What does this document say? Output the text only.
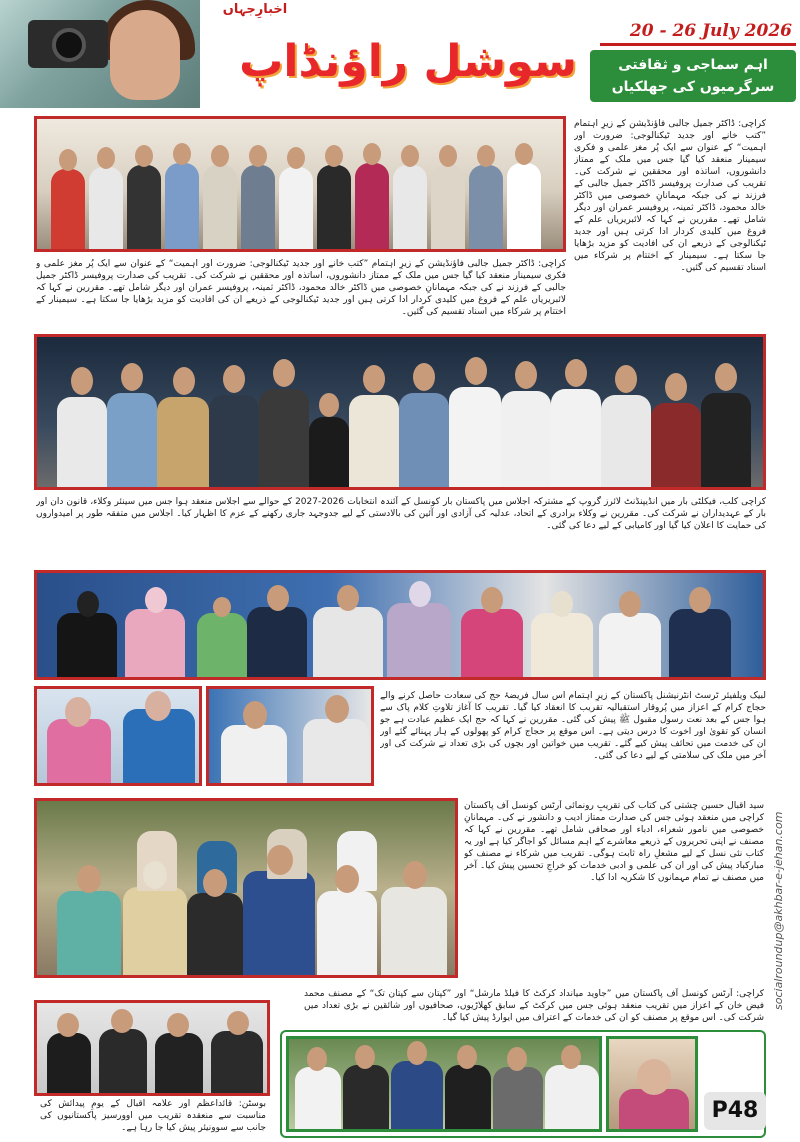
اخبارِجہاں
سوشل راؤنڈاپ
20 - 26 July 2026
اہم سماجی و ثقافتی
سرگرمیوں کی جھلکیاں
کراچی: ڈاکٹر جمیل جالبی فاؤنڈیشن کے زیرِ اہتمام ”کتب خانے اور جدید ٹیکنالوجی: ضرورت اور اہمیت“ کے عنوان سے ایک پُر مغز علمی و فکری سیمینار منعقد کیا گیا جس میں ملک کے ممتاز دانشوروں، اساتذہ اور محققین نے شرکت کی۔ تقریب کی صدارت پروفیسر ڈاکٹر جمیل جالبی کے فرزند نے کی جبکہ مہمانانِ خصوصی میں ڈاکٹر خالد محمود، ڈاکٹر ثمینہ، پروفیسر عمران اور دیگر شامل تھے۔ مقررین نے کہا کہ لائبریریاں علم کے فروغ میں کلیدی کردار ادا کرتی ہیں اور جدید ٹیکنالوجی کے ذریعے ان کی افادیت کو مزید بڑھایا جا سکتا ہے۔ سیمینار کے اختتام پر شرکاء میں اسناد تقسیم کی گئیں۔
کراچی: ڈاکٹر جمیل جالبی فاؤنڈیشن کے زیرِ اہتمام ”کتب خانے اور جدید ٹیکنالوجی: ضرورت اور اہمیت“ کے عنوان سے ایک پُر مغز علمی و فکری سیمینار منعقد کیا گیا جس میں ملک کے ممتاز دانشوروں، اساتذہ اور محققین نے شرکت کی۔ تقریب کی صدارت پروفیسر ڈاکٹر جمیل جالبی کے فرزند نے کی جبکہ مہمانانِ خصوصی میں ڈاکٹر خالد محمود، ڈاکٹر ثمینہ، پروفیسر عمران اور دیگر شامل تھے۔ مقررین نے کہا کہ لائبریریاں علم کے فروغ میں کلیدی کردار ادا کرتی ہیں اور جدید ٹیکنالوجی کے ذریعے ان کی افادیت کو مزید بڑھایا جا سکتا ہے۔ سیمینار کے اختتام پر شرکاء میں اسناد تقسیم کی گئیں۔
کراچی کلب، فیکلٹی بار میں انڈیپنڈنٹ لائرز گروپ کے مشترکہ اجلاس میں پاکستان بار کونسل کے آئندہ انتخابات 2026-2027 کے حوالے سے اجلاس منعقد ہوا جس میں سینئر وکلاء، قانون دان اور بار کے عہدیداران نے شرکت کی۔ مقررین نے وکلاء برادری کے اتحاد، عدلیہ کی آزادی اور آئین کی بالادستی کے لیے جدوجہد جاری رکھنے کے عزم کا اظہار کیا۔ اجلاس میں متفقہ طور پر امیدواروں کی حمایت کا اعلان کیا گیا اور کامیابی کے لیے دعا کی گئی۔
لبیک ویلفیئر ٹرسٹ انٹرنیشنل پاکستان کے زیرِ اہتمام اس سال فریضۂ حج کی سعادت حاصل کرنے والے حجاج کرام کے اعزاز میں پُروقار استقبالیہ تقریب کا انعقاد کیا گیا۔ تقریب کا آغاز تلاوتِ کلام پاک سے ہوا جس کے بعد نعت رسول مقبول ﷺ پیش کی گئی۔ مقررین نے کہا کہ حج ایک عظیم عبادت ہے جو انسان کو تقویٰ اور اخوت کا درس دیتی ہے۔ اس موقع پر حجاج کرام کو پھولوں کے ہار پہنائے گئے اور ان کی خدمت میں تحائف پیش کیے گئے۔ تقریب میں خواتین اور بچوں کی بڑی تعداد نے شرکت کی اور آخر میں ملک کی سلامتی کے لیے دعا کی گئی۔
سید اقبال حسین چشتی کی کتاب کی تقریبِ رونمائی آرٹس کونسل آف پاکستان کراچی میں منعقد ہوئی جس کی صدارت ممتاز ادیب و دانشور نے کی۔ مہمانانِ خصوصی میں نامور شعراء، ادباء اور صحافی شامل تھے۔ مقررین نے کہا کہ مصنف نے اپنی تحریروں کے ذریعے معاشرے کے اہم مسائل کو اجاگر کیا ہے اور یہ کتاب نئی نسل کے لیے مشعلِ راہ ثابت ہوگی۔ تقریب میں شرکاء نے مصنف کو مبارکباد پیش کی اور ان کی علمی و ادبی خدمات کو خراجِ تحسین پیش کیا۔ آخر میں مصنف نے تمام مہمانوں کا شکریہ ادا کیا۔
کراچی: آرٹس کونسل آف پاکستان میں ”جاوید میانداد کرکٹ کا فیلڈ مارشل“ اور ”کپتان سے کپتان تک“ کے مصنف محمد فیض خان کے اعزاز میں تقریب منعقد ہوئی جس میں کرکٹ کے سابق کھلاڑیوں، صحافیوں اور شائقین نے بڑی تعداد میں شرکت کی۔ اس موقع پر مصنف کو ان کی خدمات کے اعتراف میں ایوارڈ پیش کیا گیا۔
بوسٹن: قائداعظم اور علامہ اقبال کے یومِ پیدائش کی مناسبت سے منعقدہ تقریب میں اوورسیز پاکستانیوں کی جانب سے سوونیئر پیش کیا جا رہا ہے۔
socialroundup@akhbar-e-jehan.com
P48
